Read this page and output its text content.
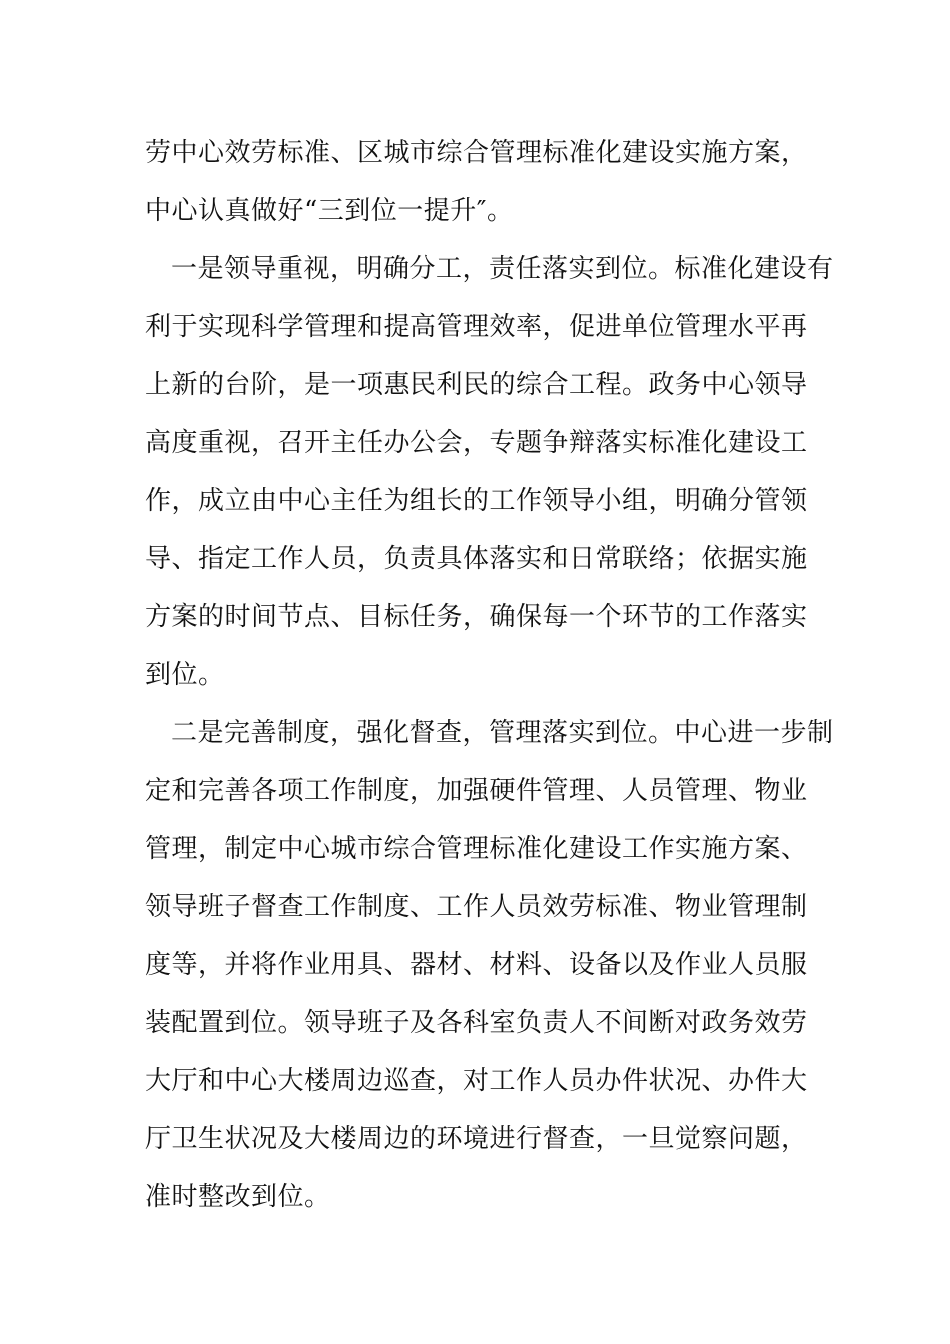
劳中心效劳标准、区城市综合管理标准化建设实施方案，
中心认真做好“三到位一提升″。
一是领导重视，明确分工，责任落实到位。标准化建设有
利于实现科学管理和提高管理效率，促进单位管理水平再
上新的台阶，是一项惠民利民的综合工程。政务中心领导
高度重视，召开主任办公会，专题争辩落实标准化建设工
作，成立由中心主任为组长的工作领导小组，明确分管领
导、指定工作人员，负责具体落实和日常联络；依据实施
方案的时间节点、目标任务，确保每一个环节的工作落实
到位。
二是完善制度，强化督查，管理落实到位。中心进一步制
定和完善各项工作制度，加强硬件管理、人员管理、物业
管理，制定中心城市综合管理标准化建设工作实施方案、
领导班子督查工作制度、工作人员效劳标准、物业管理制
度等，并将作业用具、器材、材料、设备以及作业人员服
装配置到位。领导班子及各科室负责人不间断对政务效劳
大厅和中心大楼周边巡查，对工作人员办件状况、办件大
厅卫生状况及大楼周边的环境进行督查，一旦觉察问题，
准时整改到位。
